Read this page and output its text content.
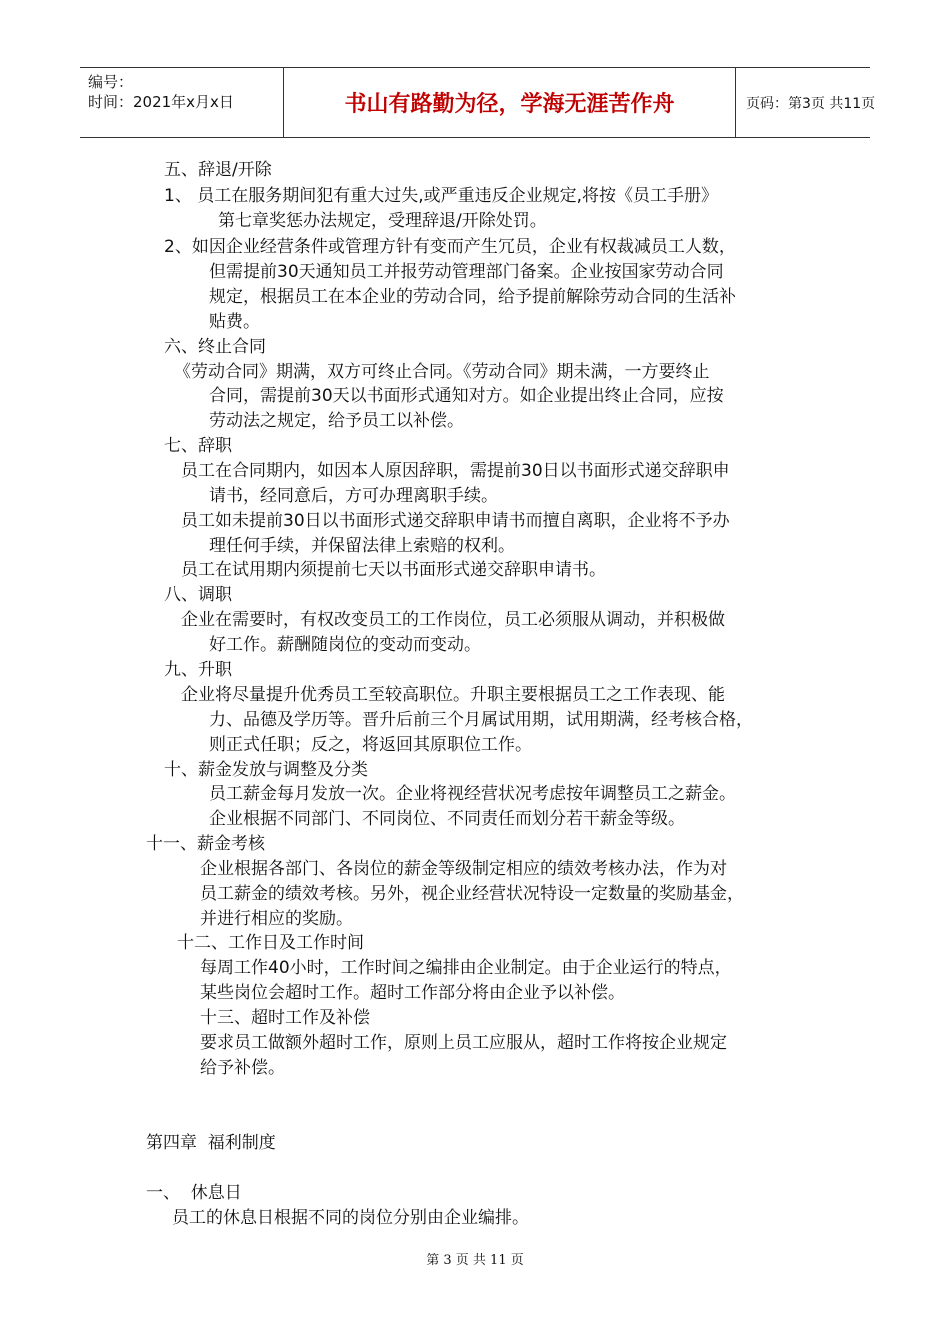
编号：
时间：2021年x月x日	书山有路勤为径，学海无涯苦作舟	页码：第3页 共11页
五、辞退/开除
1、 员工在服务期间犯有重大过失,或严重违反企业规定,将按《员工手册》
第七章奖惩办法规定，受理辞退/开除处罚。
2、如因企业经营条件或管理方针有变而产生冗员，企业有权裁减员工人数，
但需提前30天通知员工并报劳动管理部门备案。企业按国家劳动合同
规定，根据员工在本企业的劳动合同，给予提前解除劳动合同的生活补
贴费。
六、终止合同
《劳动合同》期满，双方可终止合同。《劳动合同》期未满，一方要终止
合同，需提前30天以书面形式通知对方。如企业提出终止合同，应按
劳动法之规定，给予员工以补偿。
七、辞职
员工在合同期内，如因本人原因辞职，需提前30日以书面形式递交辞职申
请书，经同意后，方可办理离职手续。
员工如未提前30日以书面形式递交辞职申请书而擅自离职，企业将不予办
理任何手续，并保留法律上索赔的权利。
员工在试用期内须提前七天以书面形式递交辞职申请书。
八、调职
企业在需要时，有权改变员工的工作岗位，员工必须服从调动，并积极做
好工作。薪酬随岗位的变动而变动。
九、升职
企业将尽量提升优秀员工至较高职位。升职主要根据员工之工作表现、能
力、品德及学历等。晋升后前三个月属试用期，试用期满，经考核合格，
则正式任职；反之，将返回其原职位工作。
十、薪金发放与调整及分类
员工薪金每月发放一次。企业将视经营状况考虑按年调整员工之薪金。
企业根据不同部门、不同岗位、不同责任而划分若干薪金等级。
十一、薪金考核
企业根据各部门、各岗位的薪金等级制定相应的绩效考核办法，作为对
员工薪金的绩效考核。另外，视企业经营状况特设一定数量的奖励基金，
并进行相应的奖励。
十二、工作日及工作时间
每周工作40小时，工作时间之编排由企业制定。由于企业运行的特点，
某些岗位会超时工作。超时工作部分将由企业予以补偿。
十三、超时工作及补偿
要求员工做额外超时工作，原则上员工应服从，超时工作将按企业规定
给予补偿。
第四章  福利制度
一、  休息日
员工的休息日根据不同的岗位分别由企业编排。
第 3 页 共 11 页
